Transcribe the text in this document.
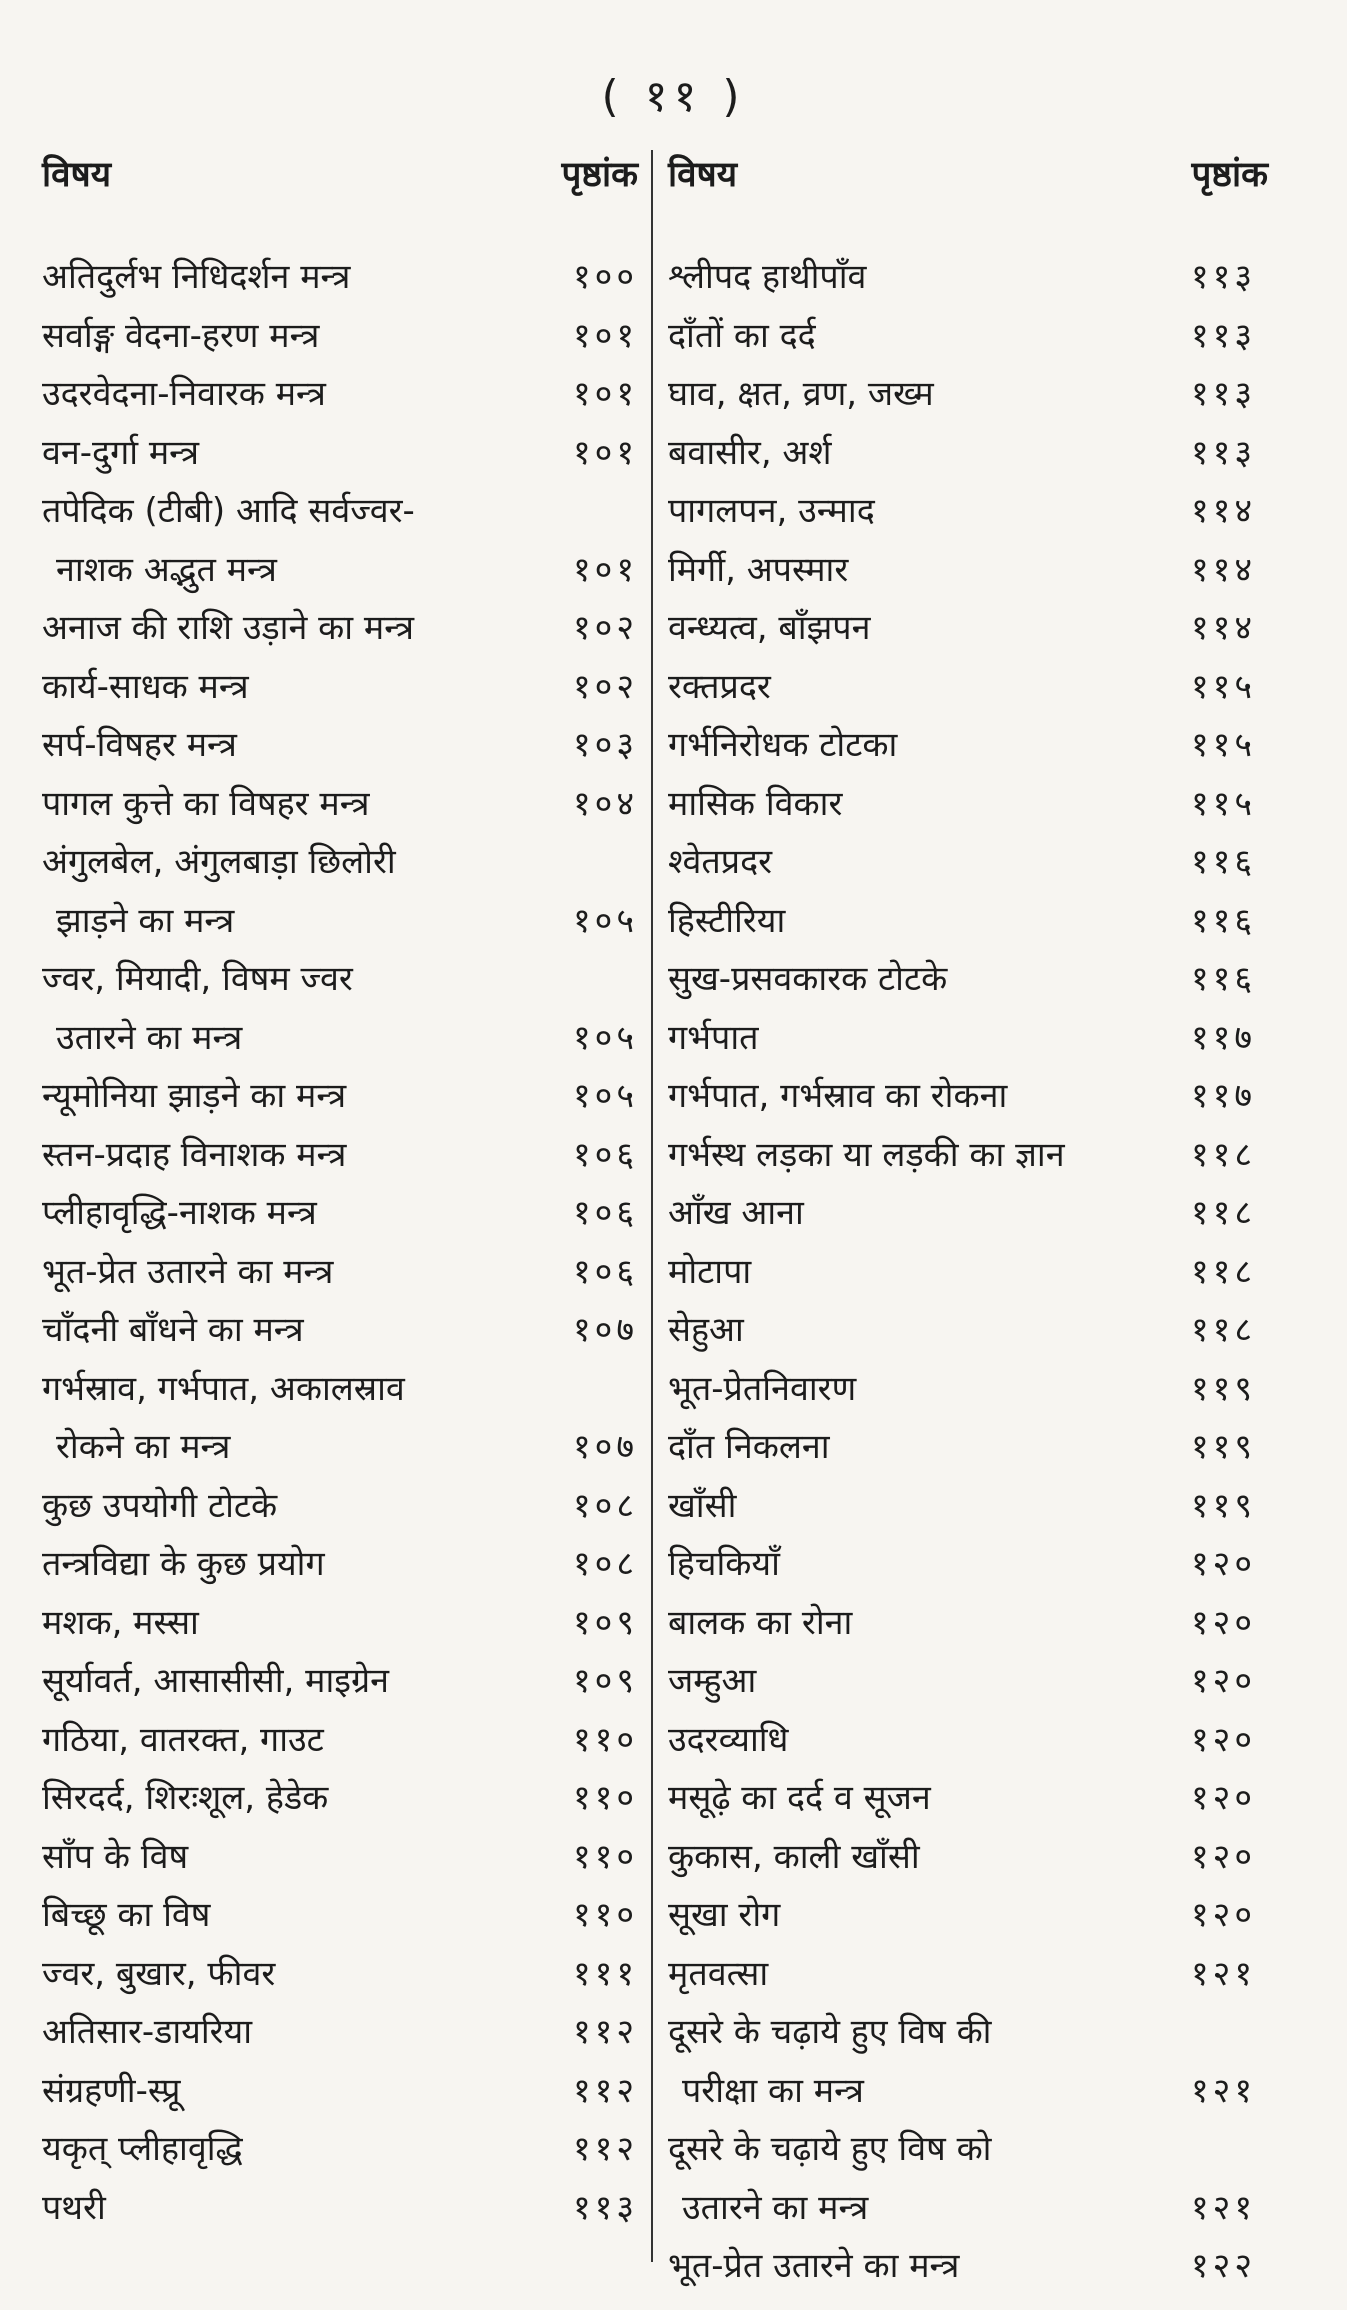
( ११ )
विषय	पृष्ठांक
अतिदुर्लभ निधिदर्शन मन्त्र	१००
सर्वाङ्ग वेदना-हरण मन्त्र	१०१
उदरवेदना-निवारक मन्त्र	१०१
वन-दुर्गा मन्त्र	१०१
तपेदिक (टीबी) आदि सर्वज्वर-
नाशक अद्भुत मन्त्र	१०१
अनाज की राशि उड़ाने का मन्त्र	१०२
कार्य-साधक मन्त्र	१०२
सर्प-विषहर मन्त्र	१०३
पागल कुत्ते का विषहर मन्त्र	१०४
अंगुलबेल, अंगुलबाड़ा छिलोरी
झाड़ने का मन्त्र	१०५
ज्वर, मियादी, विषम ज्वर
उतारने का मन्त्र	१०५
न्यूमोनिया झाड़ने का मन्त्र	१०५
स्तन-प्रदाह विनाशक मन्त्र	१०६
प्लीहावृद्धि-नाशक मन्त्र	१०६
भूत-प्रेत उतारने का मन्त्र	१०६
चाँदनी बाँधने का मन्त्र	१०७
गर्भस्राव, गर्भपात, अकालस्राव
रोकने का मन्त्र	१०७
कुछ उपयोगी टोटके	१०८
तन्त्रविद्या के कुछ प्रयोग	१०८
मशक, मस्सा	१०९
सूर्यावर्त, आसासीसी, माइग्रेन	१०९
गठिया, वातरक्त, गाउट	११०
सिरदर्द, शिरःशूल, हेडेक	११०
साँप के विष	११०
बिच्छू का विष	११०
ज्वर, बुखार, फीवर	१११
अतिसार-डायरिया	११२
संग्रहणी-स्प्रू	११२
यकृत् प्लीहावृद्धि	११२
पथरी	११३
विषय	पृष्ठांक
श्लीपद हाथीपाँव	११३
दाँतों का दर्द	११३
घाव, क्षत, व्रण, जख्म	११३
बवासीर, अर्श	११३
पागलपन, उन्माद	११४
मिर्गी, अपस्मार	११४
वन्ध्यत्व, बाँझपन	११४
रक्तप्रदर	११५
गर्भनिरोधक टोटका	११५
मासिक विकार	११५
श्वेतप्रदर	११६
हिस्टीरिया	११६
सुख-प्रसवकारक टोटके	११६
गर्भपात	११७
गर्भपात, गर्भस्राव का रोकना	११७
गर्भस्थ लड़का या लड़की का ज्ञान	११८
आँख आना	११८
मोटापा	११८
सेहुआ	११८
भूत-प्रेतनिवारण	११९
दाँत निकलना	११९
खाँसी	११९
हिचकियाँ	१२०
बालक का रोना	१२०
जम्हुआ	१२०
उदरव्याधि	१२०
मसूढ़े का दर्द व सूजन	१२०
कुकास, काली खाँसी	१२०
सूखा रोग	१२०
मृतवत्सा	१२१
दूसरे के चढ़ाये हुए विष की
परीक्षा का मन्त्र	१२१
दूसरे के चढ़ाये हुए विष को
उतारने का मन्त्र	१२१
भूत-प्रेत उतारने का मन्त्र	१२२
